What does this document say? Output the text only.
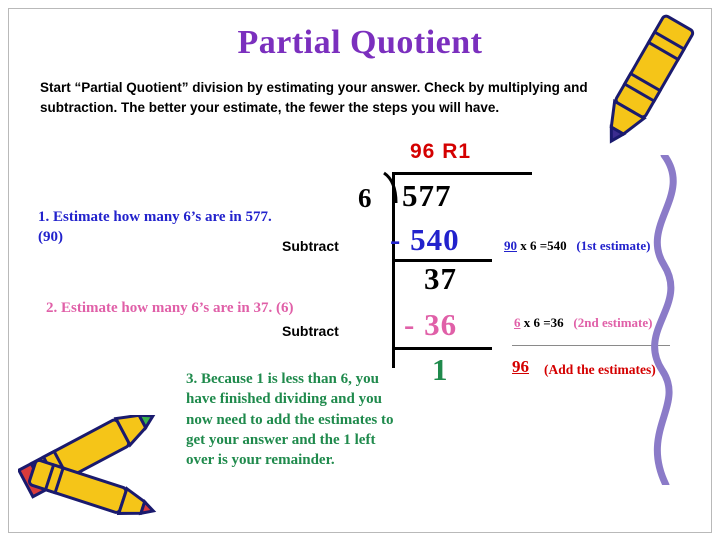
Partial Quotient
Start “Partial Quotient” division by estimating your answer. Check by multiplying and subtraction. The better your estimate, the fewer the steps you will have.
1. Estimate how many 6’s are in 577. (90)
2. Estimate how many 6’s are in 37. (6)
3. Because 1 is less than 6, you have finished dividing and you now need to add the estimates to get your answer and the 1 left over is your remainder.
96 R1
6 577
Subtract - 540
37
Subtract - 36
1
90 x 6 =540 (1st estimate)
6 x 6 =36 (2nd estimate)
96 (Add the estimates)
